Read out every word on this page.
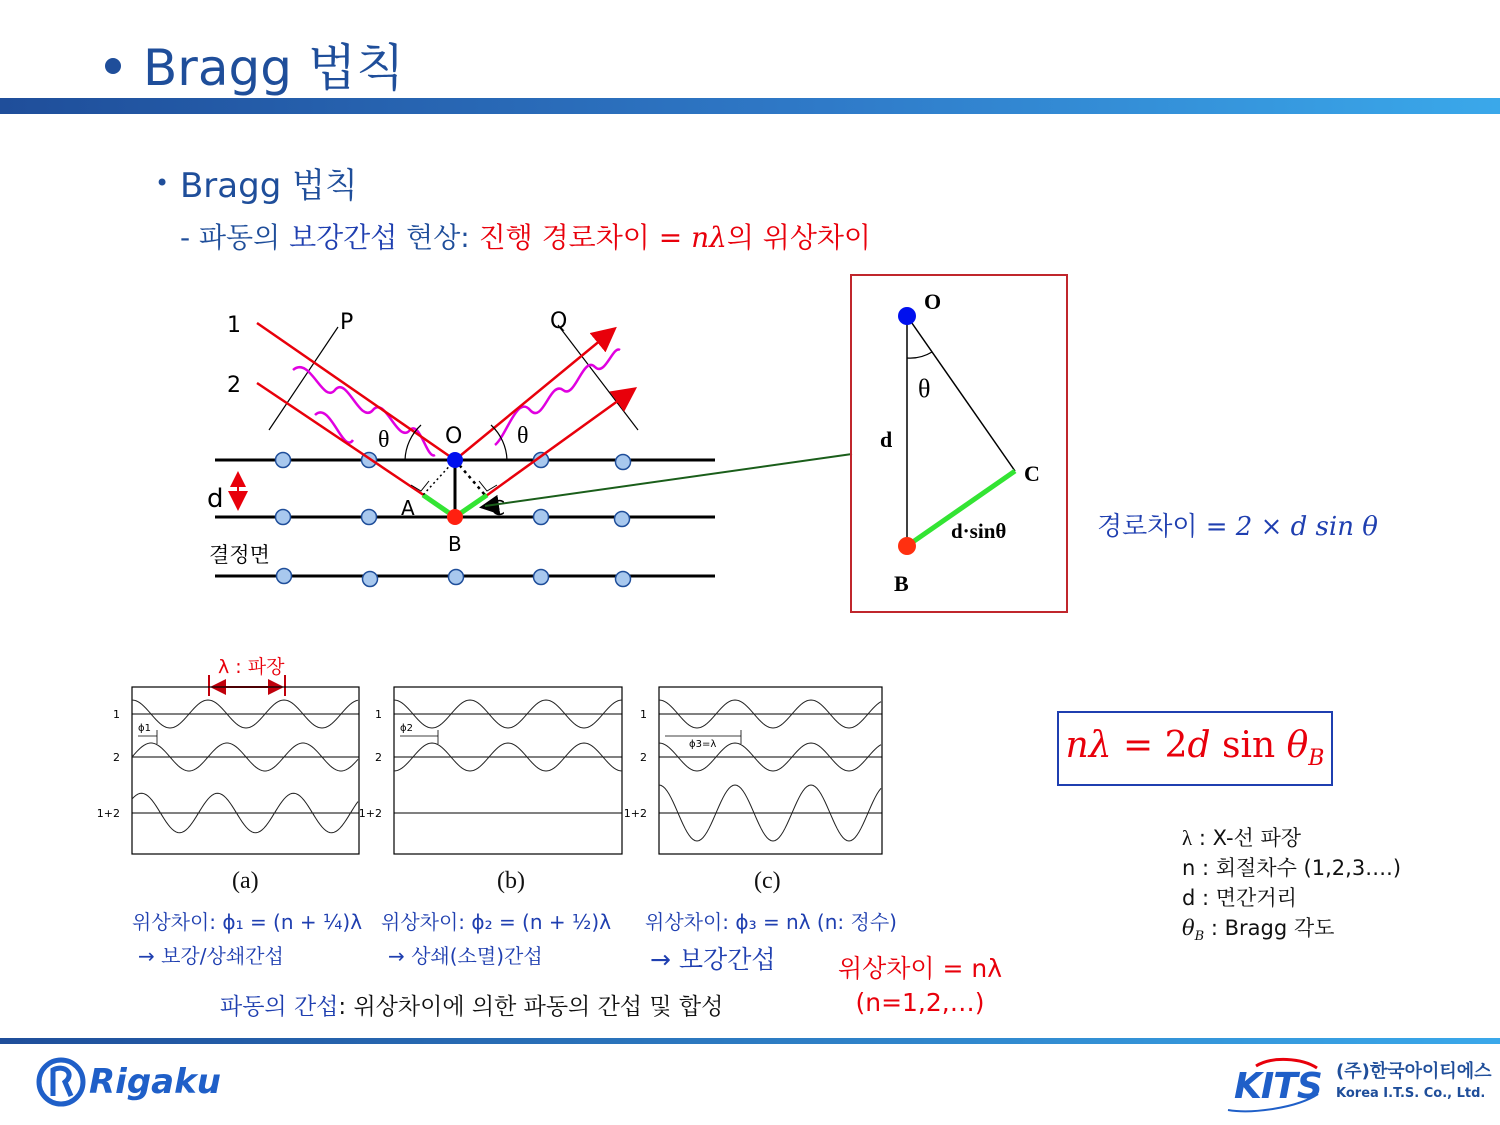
Bragg 법칙
• Bragg 법칙
- 파동의 보강간섭 현상: 진행 경로차이 = nλ의 위상차이
1
2
P	Q
θ	θ
O
d	A	C
B
결정면
O
θ
d
C
d·sinθ
B
경로차이 = 2 × d sin θ
nλ = 2d $\sin \theta_B$
λ : X-선 파장
n : 회절차수 (1,2,3….)
d : 면간거리
$\theta_B$ : Bragg 각도
λ : 파장
1
2
1+2
ϕ1
1
2
1+2
ϕ2
1
2
1+2
ϕ3=λ
(a)	(b)	(c)
위상차이: ϕ₁ = (n + ¼)λ
→ 보강/상쇄간섭
위상차이: ϕ₂ = (n + ½)λ
→ 상쇄(소멸)간섭
위상차이: ϕ₃ = nλ (n: 정수)
→ 보강간섭
파동의 간섭: 위상차이에 의한 파동의 간섭 및 합성
위상차이 = nλ
(n=1,2,…)
Rigaku	KITS (주)한국아이티에스
Korea I.T.S. Co., Ltd.
